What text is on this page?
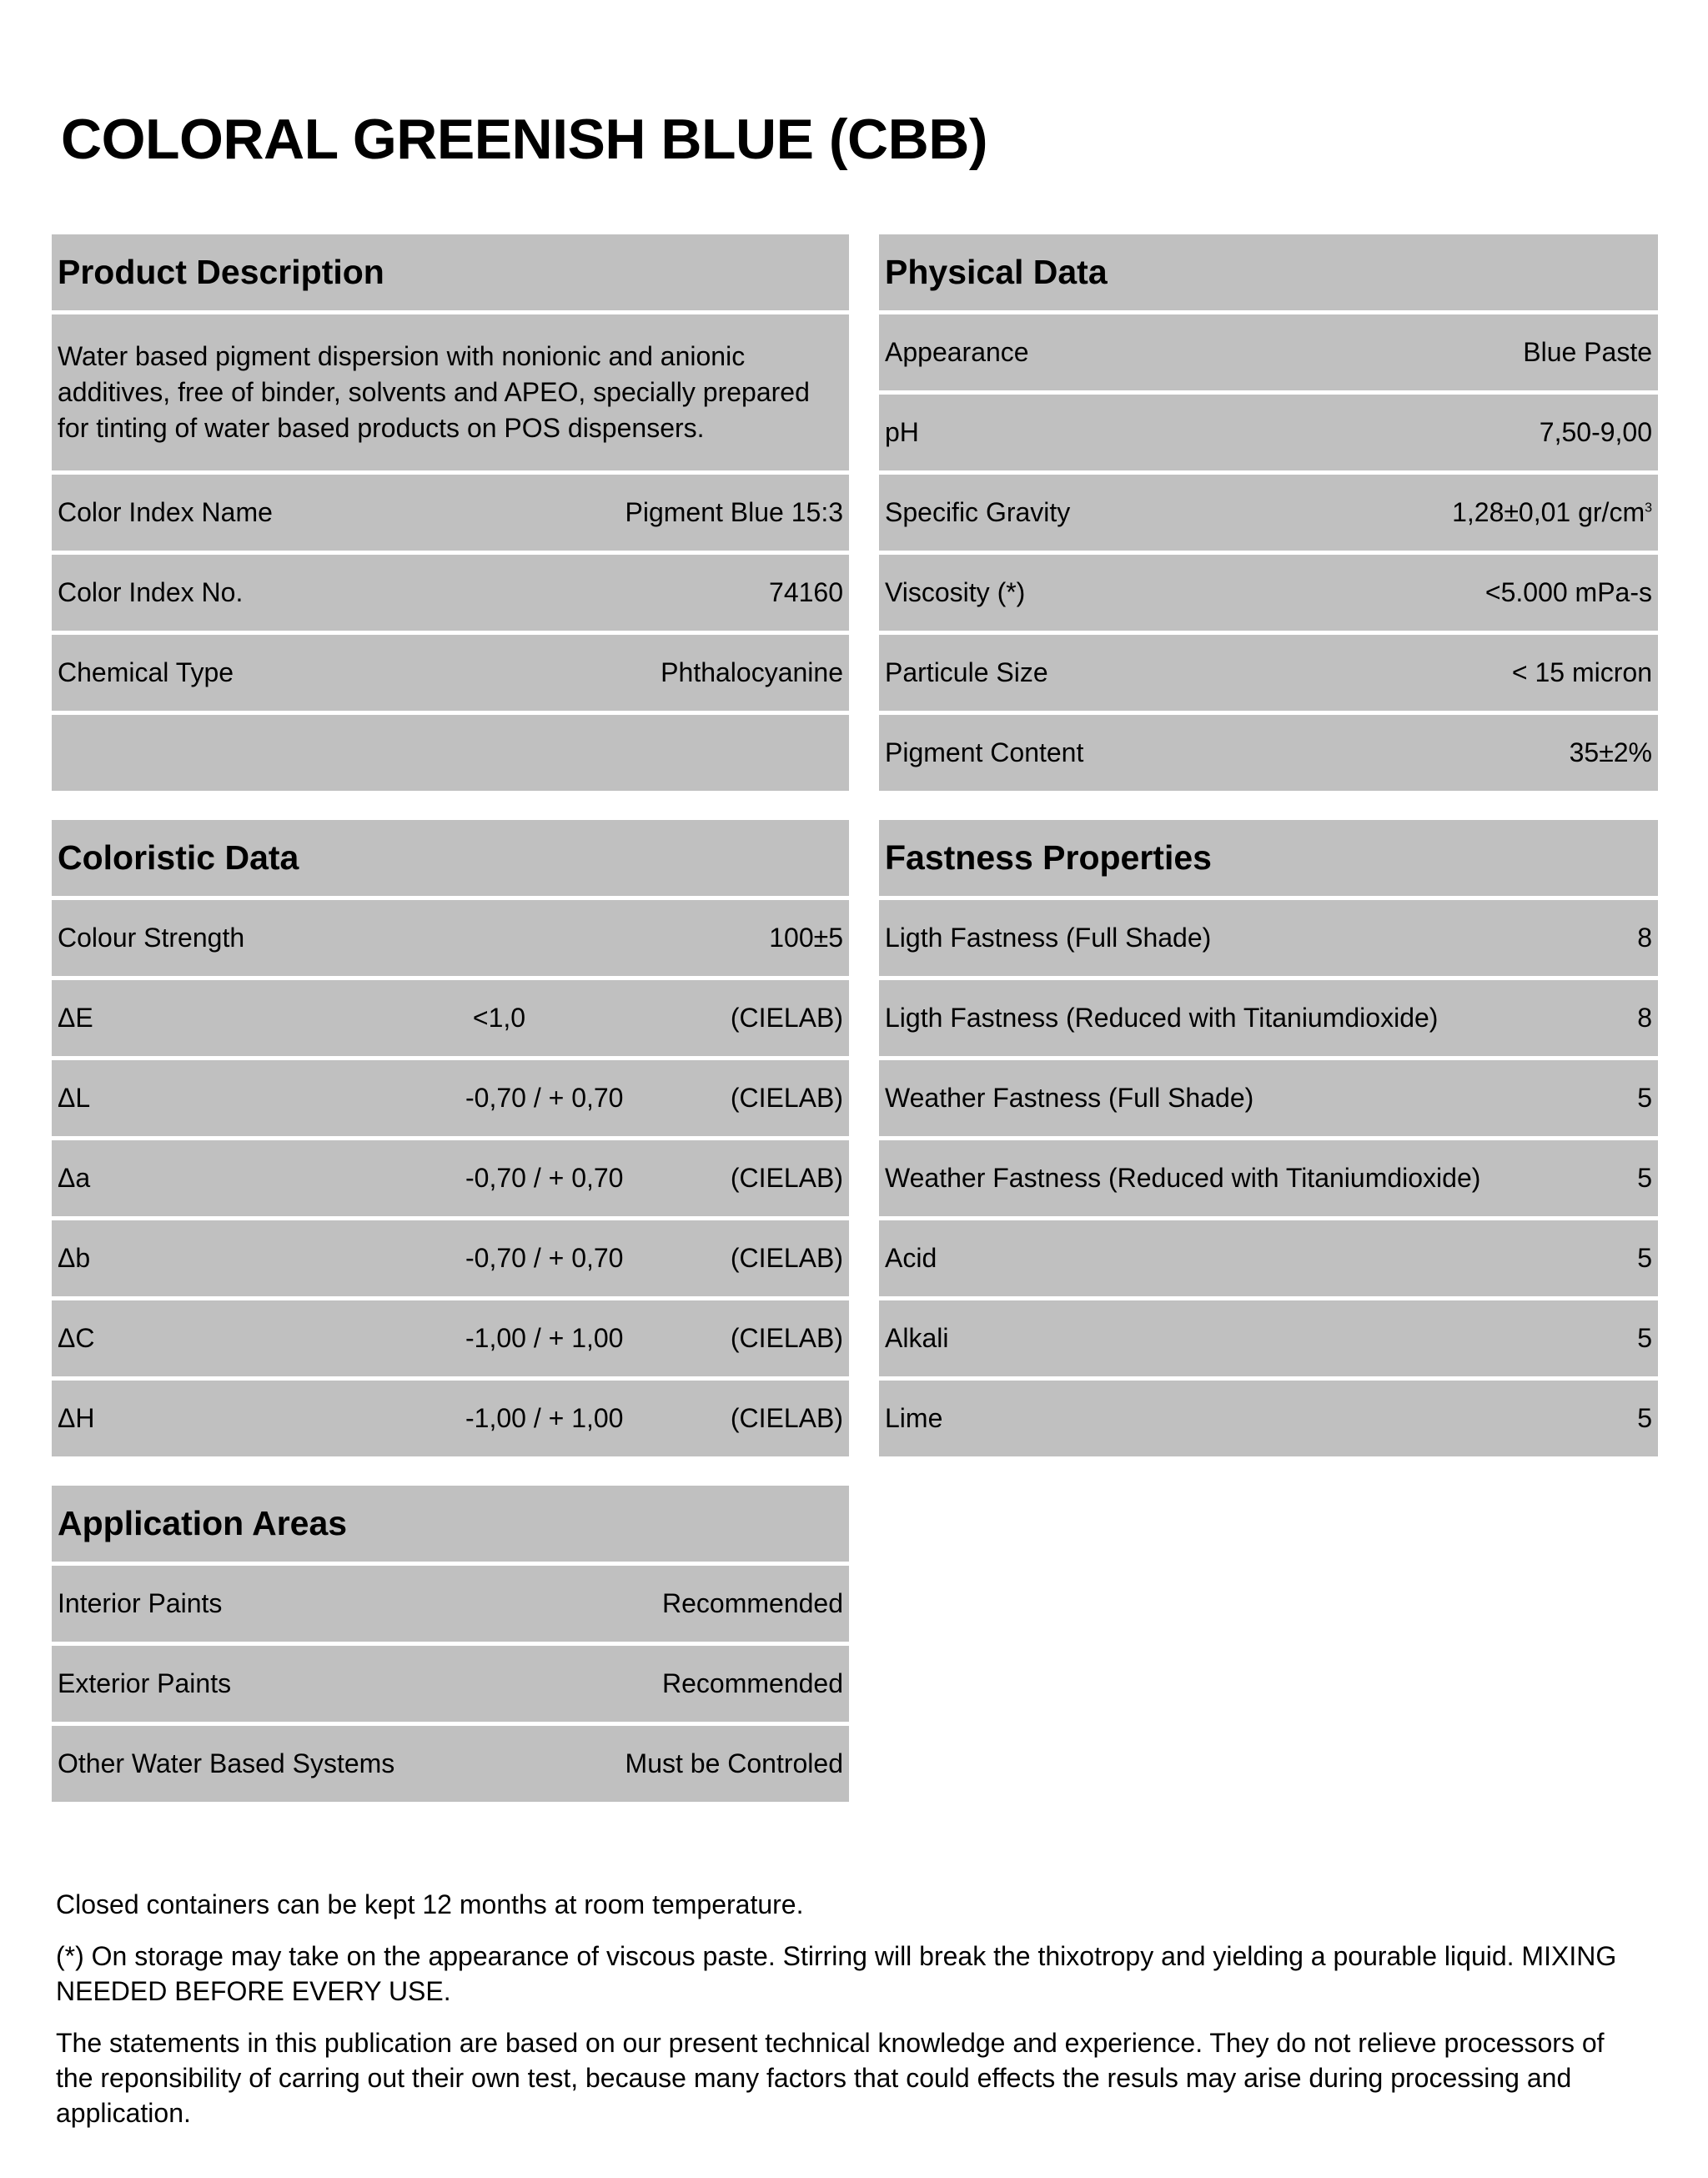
COLORAL GREENISH BLUE (CBB)
Product Description
Water based pigment dispersion with nonionic and anionic additives, free of binder, solvents and APEO, specially prepared for tinting of water based products on POS dispensers.
Color Index Name	Pigment Blue 15:3
Color Index No.	74160
Chemical Type	Phthalocyanine
Physical Data
Appearance	Blue Paste
pH	7,50-9,00
Specific Gravity	1,28±0,01 $gr/cm^3$
Viscosity (*)	<5.000 mPa-s
Particule Size	< 15 micron
Pigment Content	35±2%
Coloristic Data
Colour Strength	100±5
ΔE	<1,0	(CIELAB)
ΔL	-0,70 / + 0,70	(CIELAB)
Δa	-0,70 / + 0,70	(CIELAB)
Δb	-0,70 / + 0,70	(CIELAB)
ΔC	-1,00 / + 1,00	(CIELAB)
ΔH	-1,00 / + 1,00	(CIELAB)
Fastness Properties
Ligth Fastness (Full Shade)	8
Ligth Fastness (Reduced with Titaniumdioxide)	8
Weather Fastness (Full Shade)	5
Weather Fastness (Reduced with Titaniumdioxide)	5
Acid	5
Alkali	5
Lime	5
Application Areas
Interior Paints	Recommended
Exterior Paints	Recommended
Other Water Based Systems	Must be Controled

Closed containers can be kept 12 months at room temperature.

(*) On storage may take on the appearance of viscous paste. Stirring will break the thixotropy and yielding a pourable liquid. MIXING NEEDED BEFORE EVERY USE.

The statements in this publication are based on our present technical knowledge and experience. They do not relieve processors of the reponsibility of carring out their own test, because many factors that could effects the resuls may arise during processing and application.
